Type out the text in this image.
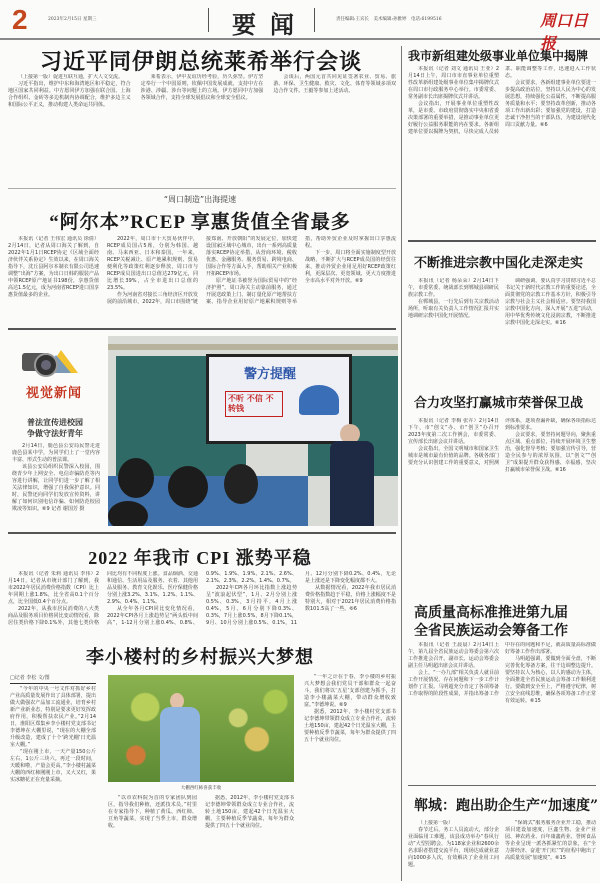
2	2023年2月15日 星期三	要闻	责任编辑:王宾长　美术编辑:孙雅婷　电话:6199516	周口日报
习近平同伊朗总统莱希举行会谈

（上接第一版）促进互联互通，扩大人文交流。

习近平指出，维护中东和海湾地区和平稳定，符合地区国家共同利益。中方愿同伊方加强在联合国、上海合作组织、金砖等多边机制内协调配合，维护多边主义和国际公平正义，推动构建人类命运共同体。

莱希表示，伊中友谊历经考验，历久弥坚。伊方坚定奉行一个中国原则，钦佩中国发展成就，支持中方在涉港、涉疆、涉台等问题上的立场。伊方愿同中方加强各领域合作，支持全球发展倡议和全球安全倡议。

会谈后，两国元首共同见证签署农业、贸易、旅游、环保、卫生健康、救灾、文化、体育等领域多项双边合作文件。王毅等参加上述活动。

“周口制造”出海提速
“阿尔本”RCEP 享惠货值全省最多

本报讯（记者 王伟宏 通讯员 徐倩）2月14日，记者从周口海关了解到，自2022年1月1日RCEP协定《区域全面经济伙伴关系协定》生效以来，在周口海关指导下，沈丘县阿尔本制衣有限公司迅速调整“出海”方案，为出口日韩的服装产品申领RCEP原产地证书198份，享惠货值高达1.5亿元，成为河南省RCEP进口国享惠货值最多的企业。

2022年，周口市十大贸易伙伴中，RCEP成员国占5席，分别为韩国、越南、马来西亚、日本和泰国。一年来，RCEP关税减让、原产地累积规则、贸易便利化等政策红利逐步释放，周口市与RCEP成员国进出口总值达279亿元，同比增长39%，占全市进出口总值的23.5%。

作为河南省对接长三角经济区开放发展的前沿城市，2022年，周口市围绕“链接郑南、开放朝阳”的发展定位，加快建设国家区域中心城市，出台一系列高质量落实RCEP协定举措，从营商环境、税收优惠、金融服务、服务贸易、跨境电商、国际合作等方面入手，帮助相关产业积极开拓RCEP市场。

原产地证书被誉为国际贸易中的“经济护照”。周口海关主动靠前服务，通过开展送政策上门、制订量化原产地帮扶方案、指导企业用好原产地累积规则等举措，帮助外贸企业及时掌握出口享惠流程。

下一步，周口将全面实施制度型开放战略，不断扩大与RCEP成员国的经贸往来，推动外贸企业用足用好RCEP政策红利，更深层次、更宽领域、更大力度推进全市高水平对外开放。⑥9

视觉新闻
普法宣传进校园
争做守法好青年

2月14日，鹿邑县公安局民警走进鹿邑县某中学，为同学们上了一堂内容丰富、形式生动的普法课。

该县公安局组织民警深入校园，围绕青少年上网安全、电信诈骗防范等内容进行讲解，让同学们进一步了解了相关法律知识，增强了自我保护意识。同时，民警还向同学们发放宣传资料，讲解了如何识别电信诈骗、如何防范校园欺凌等知识。⑥9 记者 谢国芳 摄

警方提醒
不听 不信 不转钱
2022 年我市 CPI 涨势平稳

本报讯（记者 朱莉 通讯员 李伟）2月14日，记者从市统计部门了解到，我市2022年居民消费价格指数（CPI）比上年同期上涨1.8%，比全省高0.1个百分点，比全国低0.4个百分点。

2022年，从我市居民消费的八大类商品及服务项目价格同比变动情况看，除居住类价格下降0.1%外，其他七类价格同比均有不同程度上涨。食品烟酒、交通和通信、生活用品及服务、衣着、其他用品及服务、教育文化娱乐、医疗保健价格分别上涨3.2%、3.1%、1.2%、1.1%、2.9%、0.4%、1.1%。

从全年各月CPI同比变化情况看，2022年CPI各月上涨趋势呈“两头低中间高”，1-12月分别上涨0.4%、0.8%、0.9%、1.9%、1.9%、2.1%、2.6%、2.1%、2.3%、2.2%、1.4%、0.7%。

2022年CPI各月环比指数上涨趋势呈“波浪起伏型”，1月、2月分别上涨0.5%、0.3%，3月持平，4月上涨0.4%，5月、6月分别下降0.3%、0.3%，7月上涨0.5%，8月下降0.1%，9月、10月分别上涨0.5%、0.1%，11月、12月分别下降0.2%、0.4%，无论是上涨还是下降变化幅度都不大。

从数据情况看，2022年我市居民消费价格指数趋于平稳，价格上涨幅度不是特别大，相对于2021年居民消费价格指数101.5高了一些。⑥6

李小楼村的乡村振兴大梦想
□记者 李松 文/图

“今年的中央一号文件对抓好乡村产业高质量发展作出了具体部署，提出做大做强农产品加工流通业，培育乡村新产业新业态，特别是要求更好发挥政府作用，积极帮扶农民产业。”2月14日，淮阳区郑集乡李小楼村党支部书记李德坤在大棚里说，“现在的大棚全部升级改造，建成了十个‘跨光棚’日光温室大棚。”

“现在刚上市，一天产量150公斤左右，1公斤三块六。再过一段时间，天暖和啦，产量会更高。”李小楼村蔬菜大棚的西红柿刚刚上市，又大又红，果实冰糖花正在充量采摘。

大棚西红柿喜获丰收

“以市农科院为首的专家团队到园区，指导我们种植，还派技术员。”村里在专家指导下，种植了黄瓜、西红柿、豆角等蔬菜，实现了当季上市，群众增收。

据悉，2012年，李小楼村党支部书记李德坤带领群众成立专业合作社，流转土地150亩，建起42个日光温室大棚，主要种植反季节蔬菜，每年为群众提供了四五十个就业岗位。

“一年之计在于春，李小楼的乡村振兴大梦想会我们党员干部和群众一起奋斗，我们将以‘五星’支部创建为抓手，打造李小楼蔬菜大棚，带动群众增收致富。”李德坤说。⑥9

据悉，2012年，李小楼村党支部书记李德坤带领群众成立专业合作社，流转土地150亩，建起42个日光温室大棚，主要种植反季节蔬菜，每年为群众提供了四五十个就业岗位。

我市新组建处级事业单位集中揭牌

本报讯（记者 刘文 通讯员 王亚）2月14日上午，周口市市直事业单位重塑性改革新组建处级事业单位集中揭牌仪式在周口市行政服务中心举行。市委常委、常务副市长出席揭牌仪式并讲话。

会议指出，开展事业单位重塑性改革，是市委、市政府贯彻落实中央和省委决策部署的重要举措，是推动事业单位更好履行公益服务职能的内在要求。各新组建单位要以揭牌为契机，尽快完成人员转隶、职能调整等工作，迅速进入工作状态。

会议要求，各新组建事业单位要进一步提高政治站位，坚持以人民为中心的发展思想，持续强化公益属性，不断提高服务质量和水平；要坚持改革创新，推动各项工作出新出彩；要加强党的建设，打造忠诚干净担当的干部队伍，为建设现代化周口贡献力量。⑥6

不断推进宗教中国化走深走实

本报讯（记者 杨朵朵）2月14日下午，市委常委、统战部长到郸城县调研民族宗教工作。

在郸城县，一行先后到有关宗教活动场所，听取有关负责人工作情况汇报并实地调研宗教中国化开展情况。

调研强调，要认真学习贯彻习近平总书记关于新时代宗教工作的重要论述，全面贯彻党的宗教工作基本方针，积极引导宗教与社会主义社会相适应。要坚持我国宗教中国化方向，深入开展“五进”活动，用中华优秀传统文化浸润宗教，不断推进宗教中国化走深走实。⑥16

合力攻坚打赢城市荣誉保卫战

本报讯（记者 李梅 张卉）2月14日下午，市“创文”办、市“创卫”办召开2023年度第二次工作例会，市委常委、宣传部长出席会议并讲话。

会议指出，全国文明城市和国家卫生城市是城市最有价值的品牌。各级各部门要充分认识创建工作的重要意义，对照测评体系，逐项查漏补缺，确保各项指标达到标准要求。

会议要求，要坚持问题导向，聚焦重点区域、重点部位，持续开展环境卫生整治，强化督导考核；要加强宣传引导，营造全民参与的浓厚氛围，以“创文”“创卫”成果提升群众获得感、幸福感，坚决打赢城市荣誉保卫战。⑥16

高质量高标准推进第九届
全省民族运动会筹备工作

本报讯（记者 王晨晨）2月14日上午，第九届全省民族运动会筹委会第六次工作推进会召开。副市长、运动会筹委会副主任马明超出席会议并讲话。

会上，“一办九部”相关负责人就目前工作开展情况、存在问题和下一步工作计划作了汇报。马明超充分肯定了各项筹备工作取得的阶段性成果，并指出筹备工作中存在的问题和不足，就高质量高标准做好筹备工作作出部署。

马明超强调，要做到全面全盘，不断完善优化筹备方案，往干边调整边提升。要坚持以人为核心，以人的感动为主体，全面推进全省民族运动会筹备工作顺利进行。要做到安全至上，严格遵守纪律，树立安全底线思维，确保各项筹备工作正常有效运转。⑥15

郸城：跑出助企生产“加速度”

（上接第一版）

春节过后，务工人员流动大，部分企业面临用工难题，该县成功举办“春风行动”大型招聘会，为118家企业和2600余名求职者搭建交流平台，现场达成就业意向1000多人次，有效解决了企业用工问题。

“保姆式”服务服务企业开工稳，推动项目建设加速度，巨鑫生物、金业产业园、神农药业、百年康鑫药业、誉树食品等企业呈现一派各抓紧忙的景象，在“全力拼经济、奋进‘开门红’”的征程中跑出了高质量发展“加速度”。⑥15
